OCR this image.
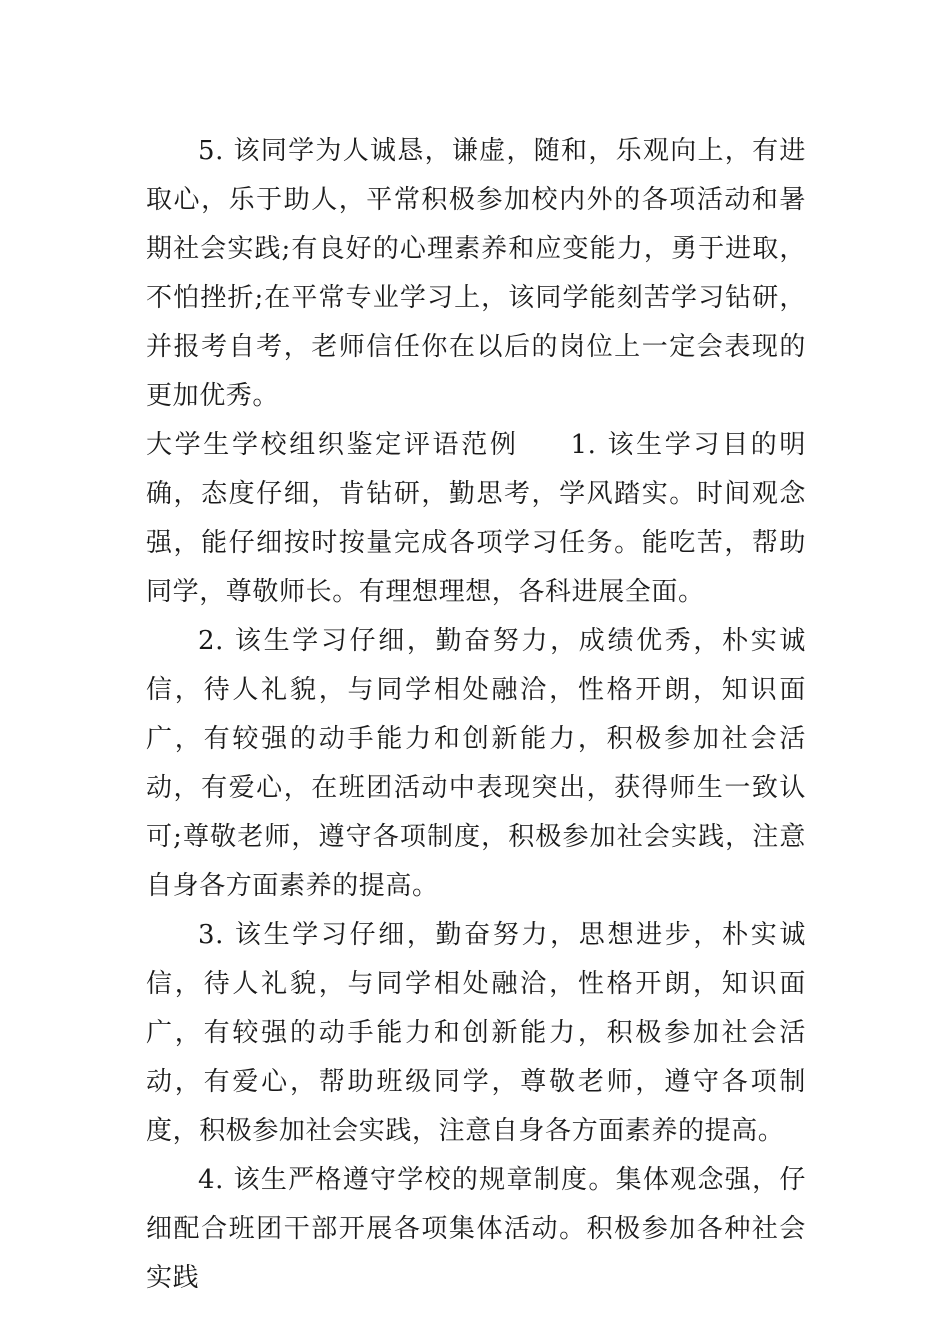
5. 该同学为人诚恳，谦虚，随和，乐观向上，有进取心，乐于助人，平常积极参加校内外的各项活动和暑期社会实践;有良好的心理素养和应变能力，勇于进取，不怕挫折;在平常专业学习上，该同学能刻苦学习钻研，并报考自考，老师信任你在以后的岗位上一定会表现的更加优秀。

大学生学校组织鉴定评语范例 1. 该生学习目的明确，态度仔细，肯钻研，勤思考，学风踏实。时间观念强，能仔细按时按量完成各项学习任务。能吃苦，帮助同学，尊敬师长。有理想理想，各科进展全面。

2. 该生学习仔细，勤奋努力，成绩优秀，朴实诚信，待人礼貌，与同学相处融洽，性格开朗，知识面广，有较强的动手能力和创新能力，积极参加社会活动，有爱心，在班团活动中表现突出，获得师生一致认可;尊敬老师，遵守各项制度，积极参加社会实践，注意自身各方面素养的提高。

3. 该生学习仔细，勤奋努力，思想进步，朴实诚信，待人礼貌，与同学相处融洽，性格开朗，知识面广，有较强的动手能力和创新能力，积极参加社会活动，有爱心，帮助班级同学，尊敬老师，遵守各项制度，积极参加社会实践，注意自身各方面素养的提高。

4. 该生严格遵守学校的规章制度。集体观念强，仔细配合班团干部开展各项集体活动。积极参加各种社会实践
